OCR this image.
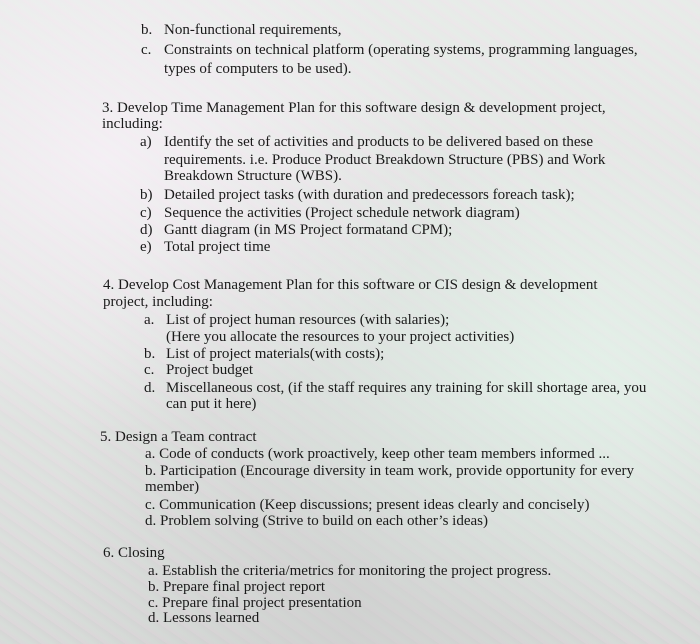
b. Non-functional requirements,
c. Constraints on technical platform (operating systems, programming languages,
types of computers to be used).
3. Develop Time Management Plan for this software design & development project,
including:
a) Identify the set of activities and products to be delivered based on these
requirements. i.e. Produce Product Breakdown Structure (PBS) and Work
Breakdown Structure (WBS).
b) Detailed project tasks (with duration and predecessors foreach task);
c) Sequence the activities (Project schedule network diagram)
d) Gantt diagram (in MS Project formatand CPM);
e) Total project time
4. Develop Cost Management Plan for this software or CIS design & development
project, including:
a. List of project human resources (with salaries);
(Here you allocate the resources to your project activities)
b. List of project materials(with costs);
c. Project budget
d. Miscellaneous cost, (if the staff requires any training for skill shortage area, you
can put it here)
5. Design a Team contract
a. Code of conducts (work proactively, keep other team members informed ...
b. Participation (Encourage diversity in team work, provide opportunity for every
member)
c. Communication (Keep discussions; present ideas clearly and concisely)
d. Problem solving (Strive to build on each other’s ideas)
6. Closing
a. Establish the criteria/metrics for monitoring the project progress.
b. Prepare final project report
c. Prepare final project presentation
d. Lessons learned
